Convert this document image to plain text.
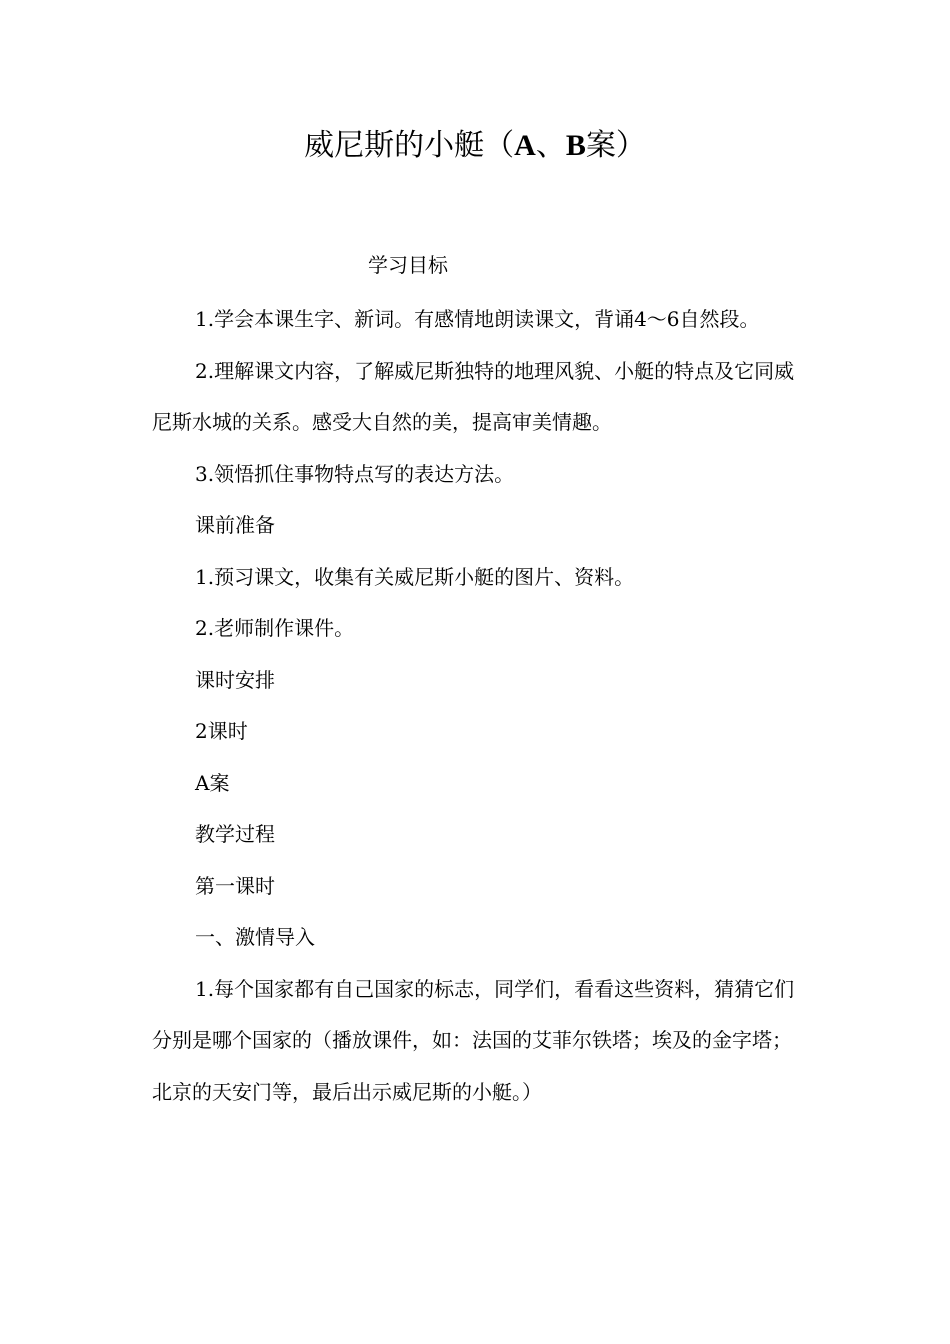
威尼斯的小艇（A、B案）
学习目标

1.学会本课生字、新词。有感情地朗读课文，背诵4～6自然段。

2.理解课文内容，了解威尼斯独特的地理风貌、小艇的特点及它同威尼斯水城的关系。感受大自然的美，提高审美情趣。

3.领悟抓住事物特点写的表达方法。

课前准备

1.预习课文，收集有关威尼斯小艇的图片、资料。

2.老师制作课件。

课时安排

2课时

A案

教学过程

第一课时

一、激情导入

1.每个国家都有自己国家的标志，同学们，看看这些资料，猜猜它们分别是哪个国家的（播放课件，如：法国的艾菲尔铁塔；埃及的金字塔；北京的天安门等，最后出示威尼斯的小艇。）
